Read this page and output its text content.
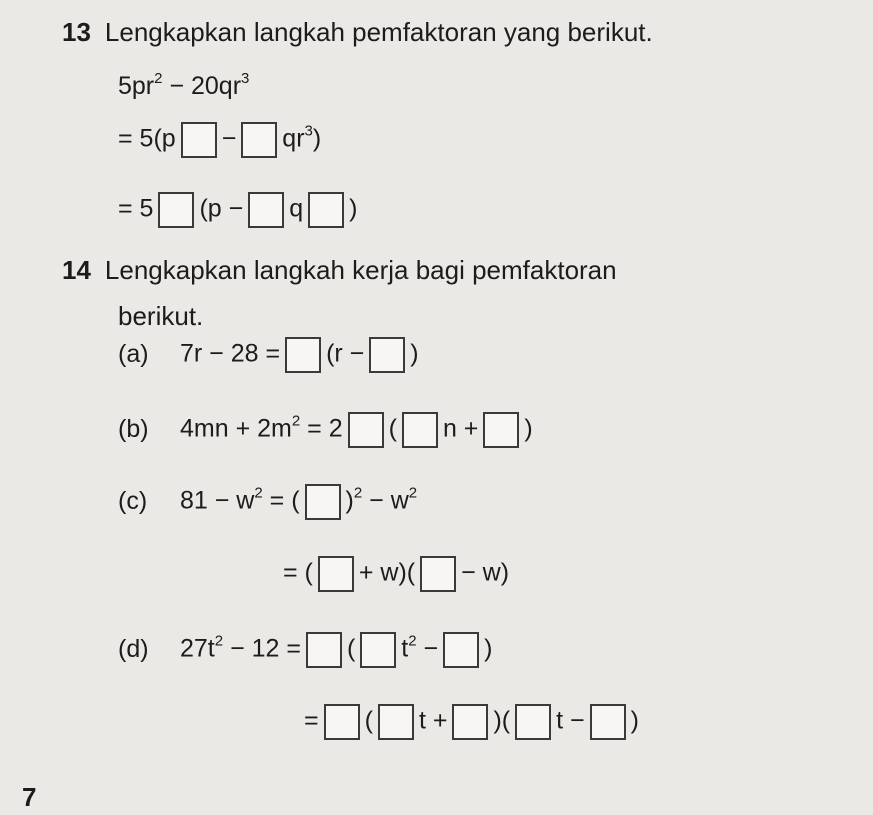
13 Lengkapkan langkah pemfaktoran yang berikut.
$5pr^2 - 20qr^3$
= $5(p - qr^3)$
= 5 (p − q )
14 Lengkapkan langkah kerja bagi pemfaktoran
berikut.
(a) 7r − 28 = (r − )
(b) $4mn + 2m^2 = 2$ ( n + )
(c) $81 - w^2$ = ( )$^2 - w^2$
= ( + w)( − w)
(d) $27t^2 - 12$ = ( $t^2$ − )
= ( t + )( t − )
7
